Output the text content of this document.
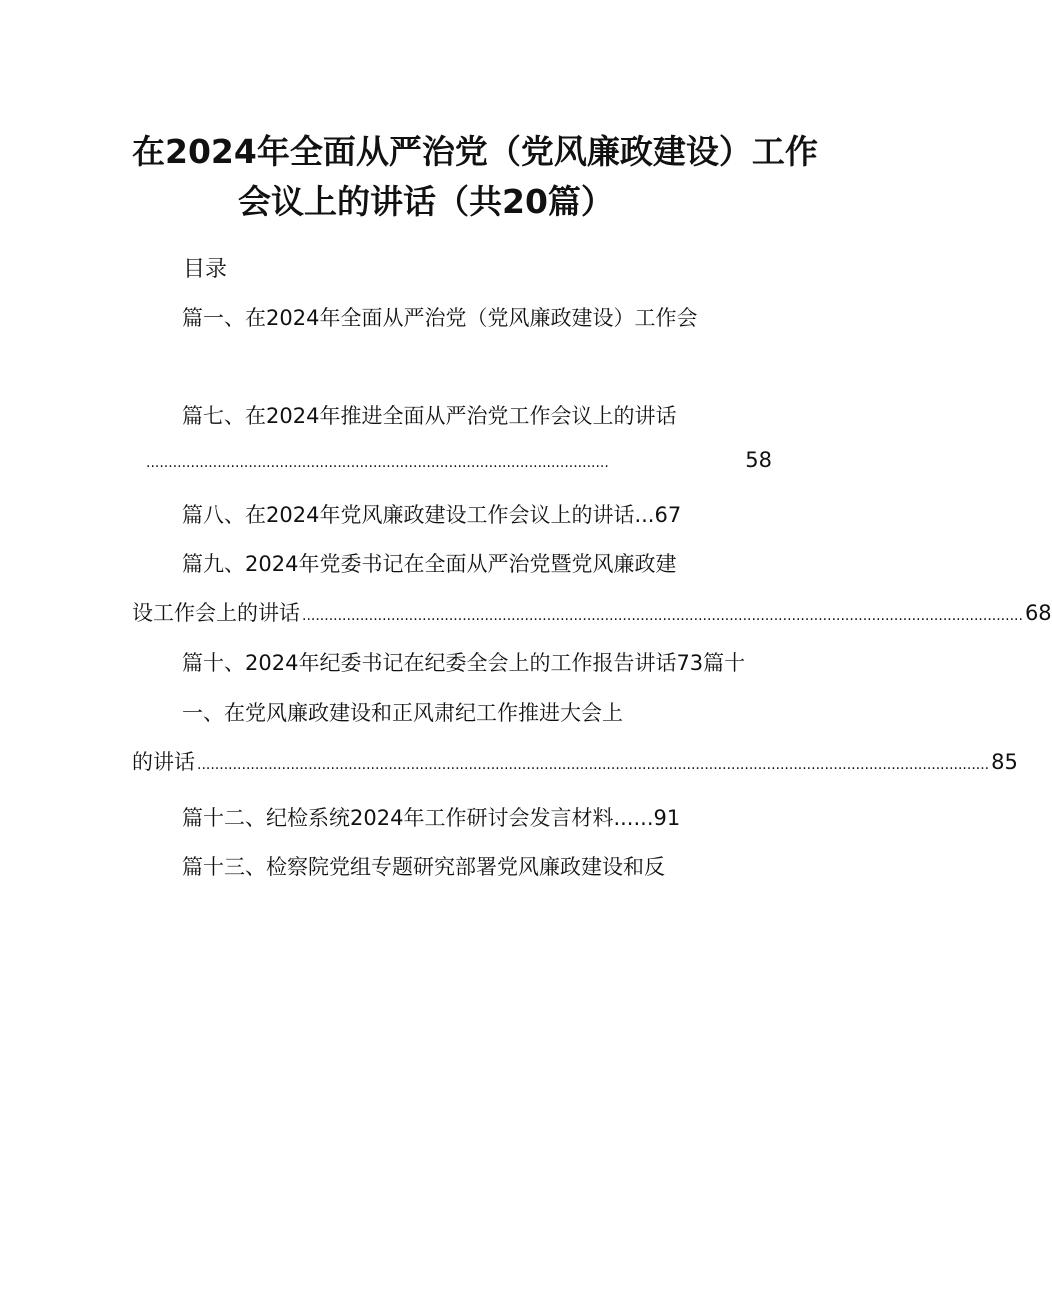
在2024年全面从严治党（党风廉政建设）工作
会议上的讲话（共20篇）
目录
篇一、在2024年全面从严治党（党风廉政建设）工作会
篇七、在2024年推进全面从严治党工作会议上的讲话
........................................................................................................	58
篇八、在2024年党风廉政建设工作会议上的讲话...67
篇九、2024年党委书记在全面从严治党暨党风廉政建
设工作会上的讲话 .................................................................................................................................................................. 68
篇十、2024年纪委书记在纪委全会上的工作报告讲话73篇十
一、在党风廉政建设和正风肃纪工作推进大会上
的讲话 .................................................................................................................................................................................. 85
篇十二、纪检系统2024年工作研讨会发言材料......91
篇十三、检察院党组专题研究部署党风廉政建设和反
